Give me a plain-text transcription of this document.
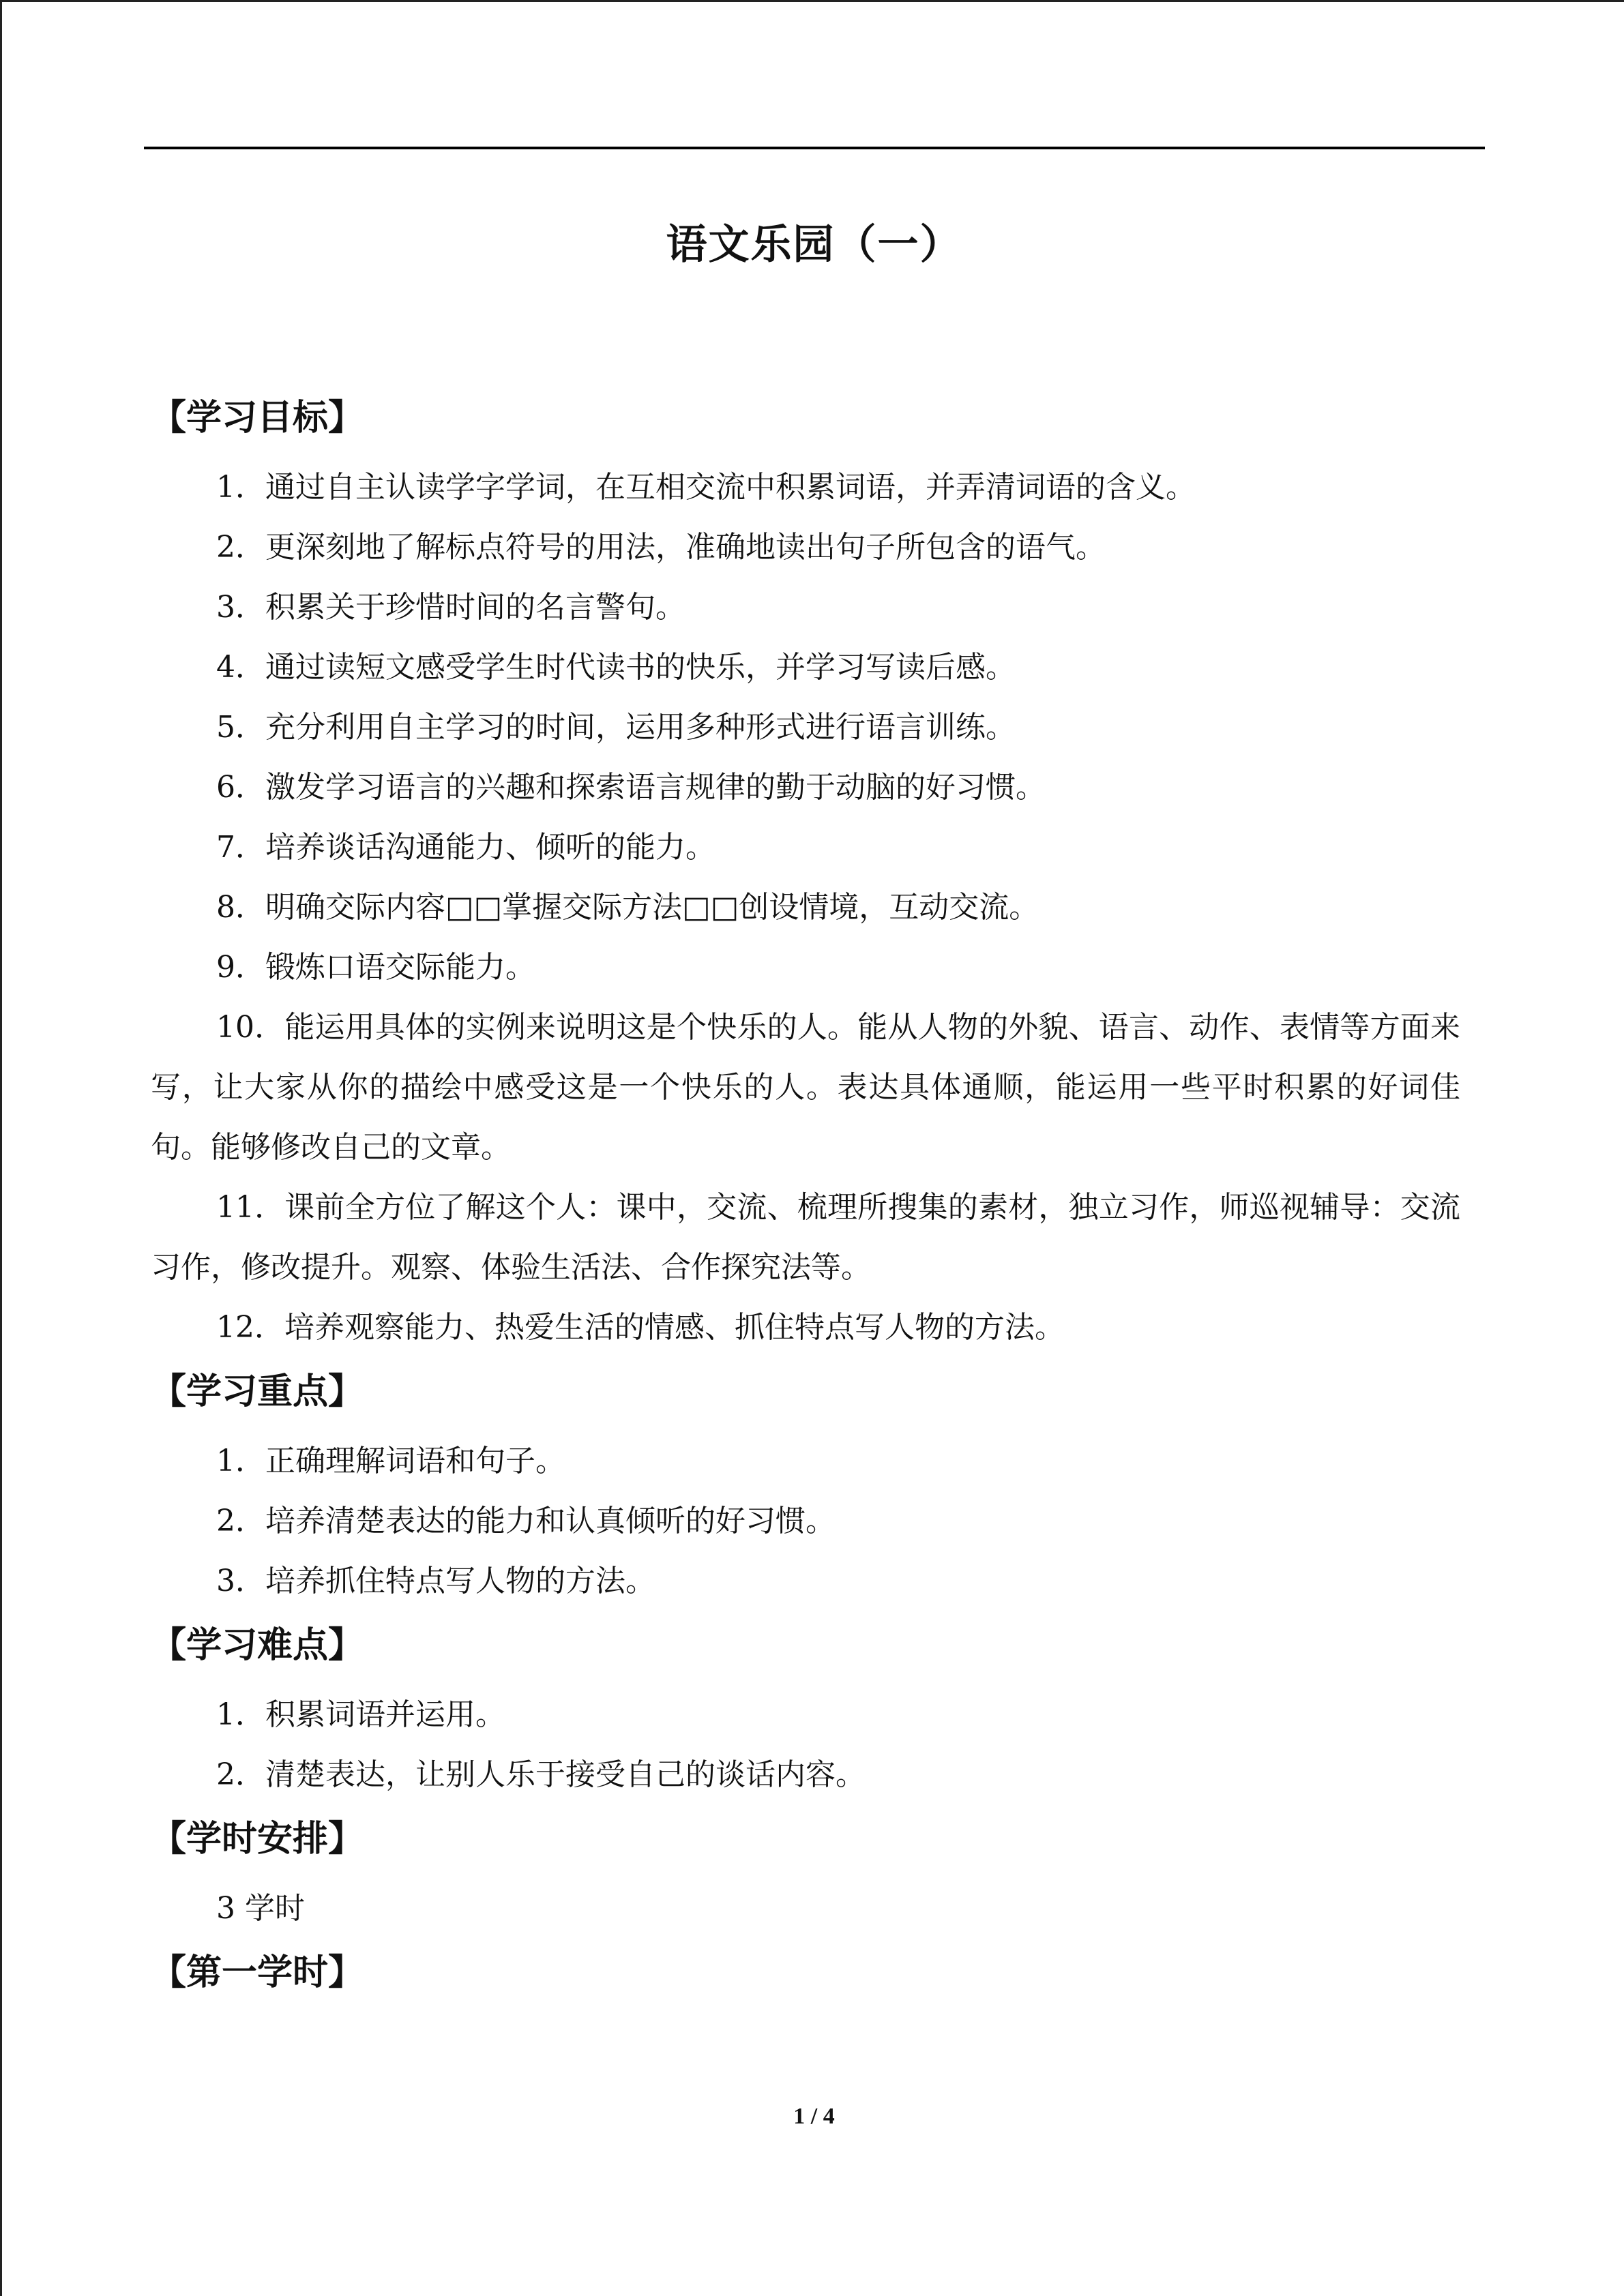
语文乐园（一）
【学习目标】

1．通过自主认读学字学词，在互相交流中积累词语，并弄清词语的含义。

2．更深刻地了解标点符号的用法，准确地读出句子所包含的语气。

3．积累关于珍惜时间的名言警句。

4．通过读短文感受学生时代读书的快乐，并学习写读后感。

5．充分利用自主学习的时间，运用多种形式进行语言训练。

6．激发学习语言的兴趣和探索语言规律的勤于动脑的好习惯。

7．培养谈话沟通能力、倾听的能力。

8．明确交际内容□□掌握交际方法□□创设情境，互动交流。

9．锻炼口语交际能力。

10．能运用具体的实例来说明这是个快乐的人。能从人物的外貌、语言、动作、表情等方面来写，让大家从你的描绘中感受这是一个快乐的人。表达具体通顺，能运用一些平时积累的好词佳句。能够修改自己的文章。

11．课前全方位了解这个人：课中，交流、梳理所搜集的素材，独立习作，师巡视辅导：交流习作，修改提升。观察、体验生活法、合作探究法等。

12．培养观察能力、热爱生活的情感、抓住特点写人物的方法。

【学习重点】

1．正确理解词语和句子。

2．培养清楚表达的能力和认真倾听的好习惯。

3．培养抓住特点写人物的方法。

【学习难点】

1．积累词语并运用。

2．清楚表达，让别人乐于接受自己的谈话内容。

【学时安排】

3 学时

【第一学时】
1 / 4
